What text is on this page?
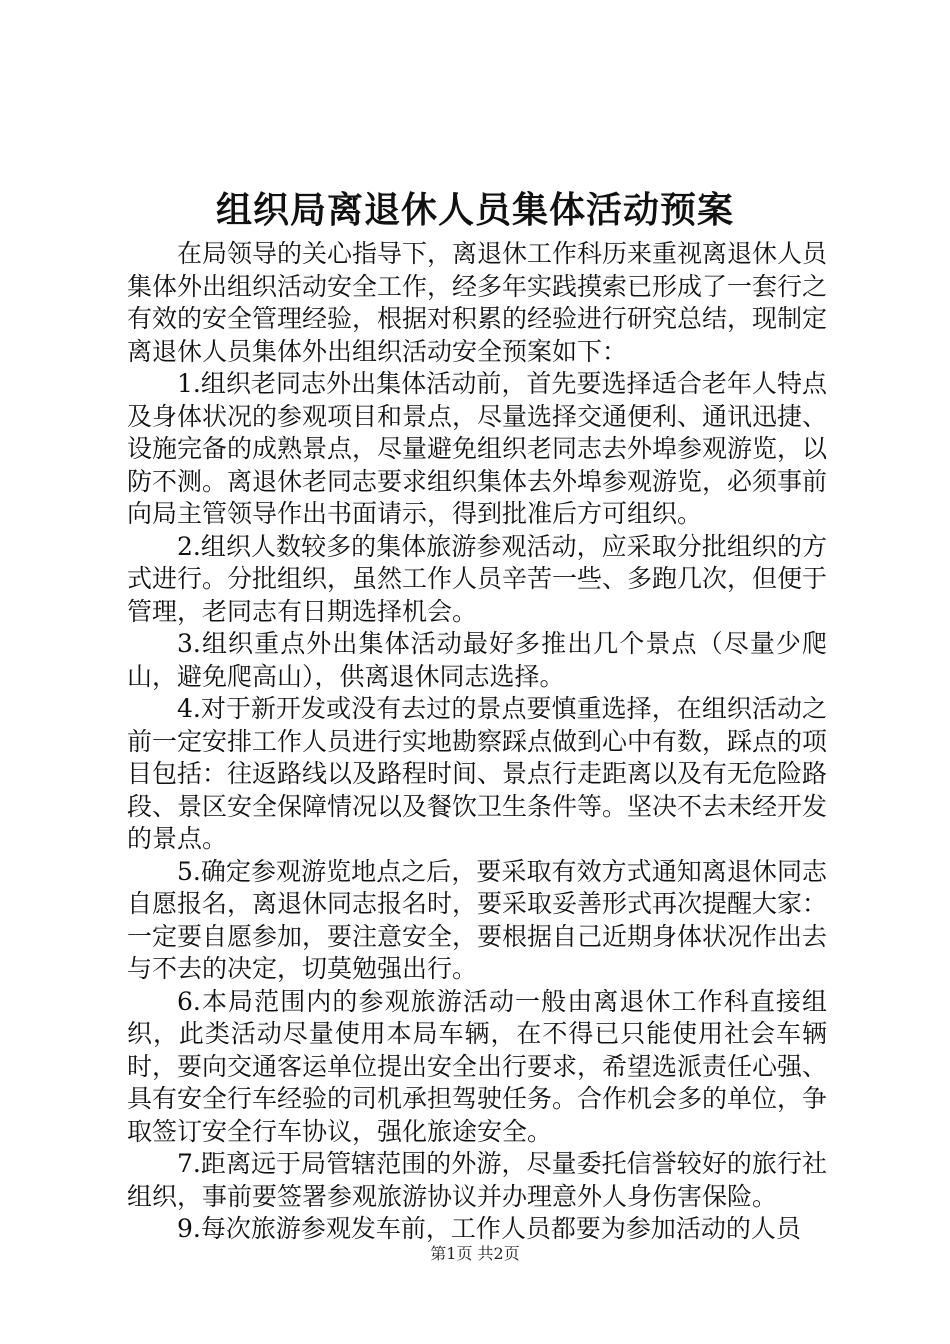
组织局离退休人员集体活动预案

在局领导的关心指导下，离退休工作科历来重视离退休人员集体外出组织活动安全工作，经多年实践摸索已形成了一套行之有效的安全管理经验，根据对积累的经验进行研究总结，现制定离退休人员集体外出组织活动安全预案如下：

1.组织老同志外出集体活动前，首先要选择适合老年人特点及身体状况的参观项目和景点，尽量选择交通便利、通讯迅捷、设施完备的成熟景点，尽量避免组织老同志去外埠参观游览，以防不测。离退休老同志要求组织集体去外埠参观游览，必须事前向局主管领导作出书面请示，得到批准后方可组织。

2.组织人数较多的集体旅游参观活动，应采取分批组织的方式进行。分批组织，虽然工作人员辛苦一些、多跑几次，但便于管理，老同志有日期选择机会。

3.组织重点外出集体活动最好多推出几个景点（尽量少爬山，避免爬高山），供离退休同志选择。

4.对于新开发或没有去过的景点要慎重选择，在组织活动之前一定安排工作人员进行实地勘察踩点做到心中有数，踩点的项目包括：往返路线以及路程时间、景点行走距离以及有无危险路段、景区安全保障情况以及餐饮卫生条件等。坚决不去未经开发的景点。

5.确定参观游览地点之后，要采取有效方式通知离退休同志自愿报名，离退休同志报名时，要采取妥善形式再次提醒大家：一定要自愿参加，要注意安全，要根据自己近期身体状况作出去与不去的决定，切莫勉强出行。

6.本局范围内的参观旅游活动一般由离退休工作科直接组织，此类活动尽量使用本局车辆，在不得已只能使用社会车辆时，要向交通客运单位提出安全出行要求，希望选派责任心强、具有安全行车经验的司机承担驾驶任务。合作机会多的单位，争取签订安全行车协议，强化旅途安全。

7.距离远于局管辖范围的外游，尽量委托信誉较好的旅行社组织，事前要签署参观旅游协议并办理意外人身伤害保险。

9.每次旅游参观发车前，工作人员都要为参加活动的人员

第1页 共2页
